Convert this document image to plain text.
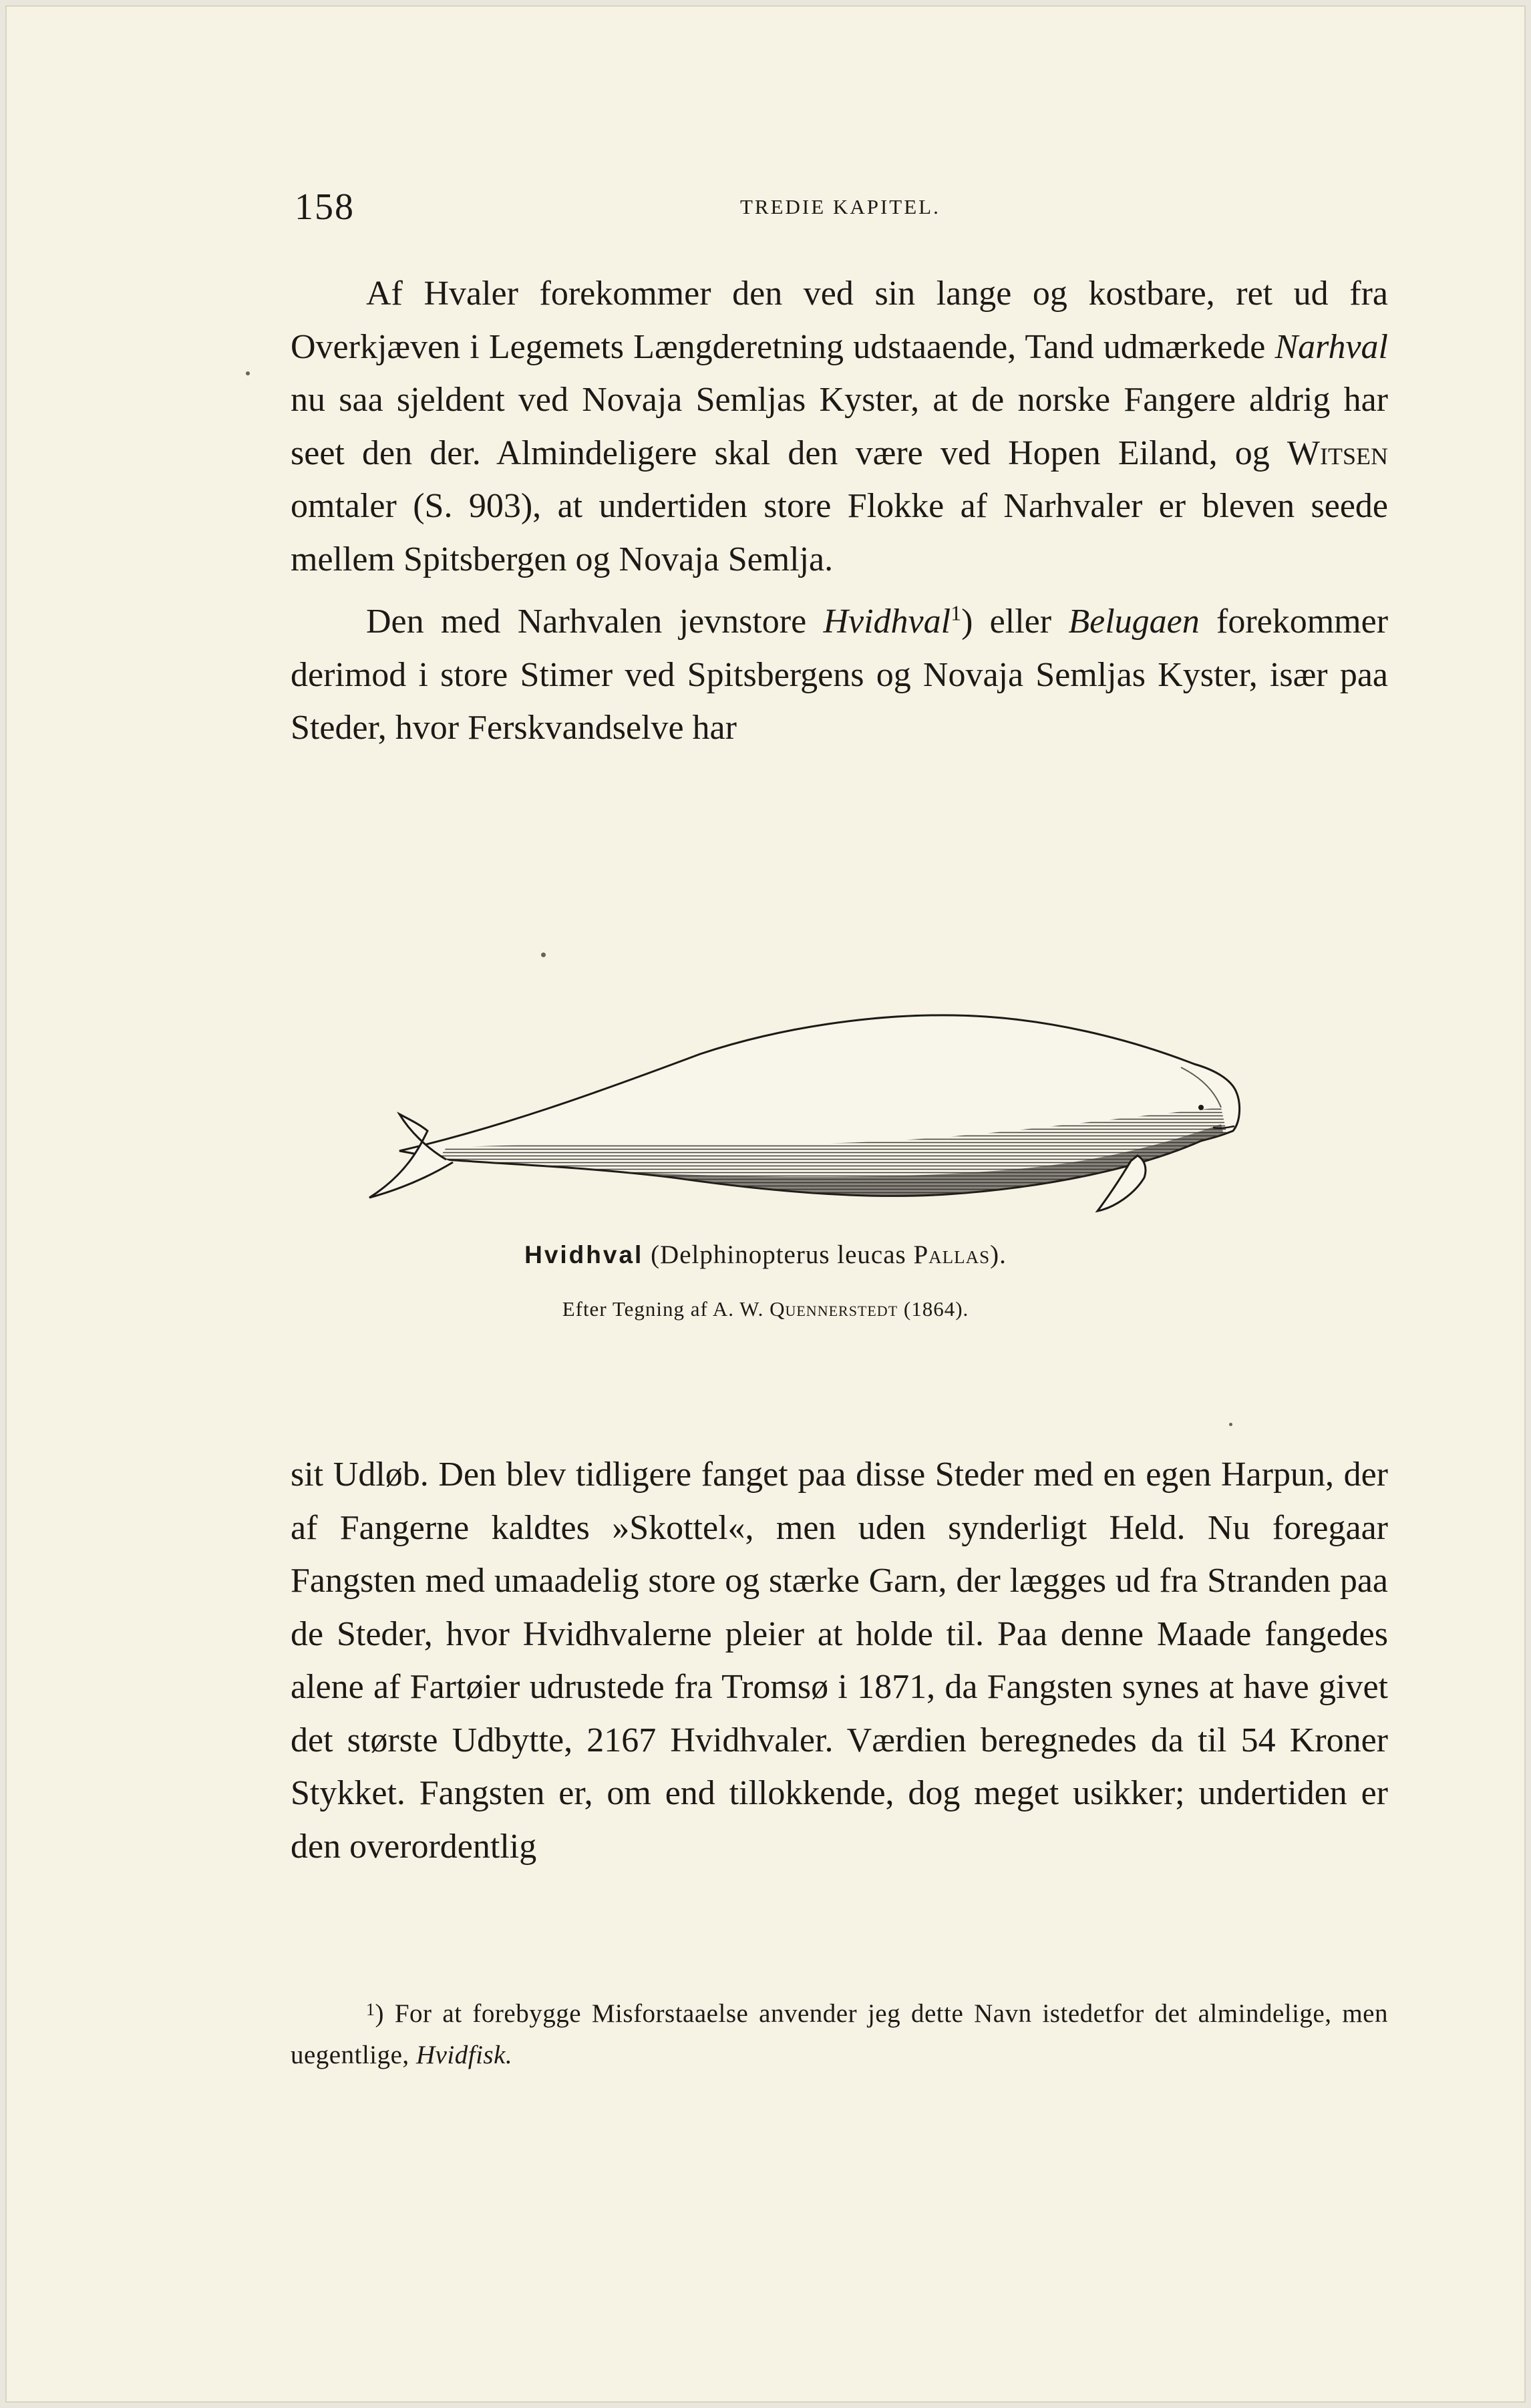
158	TREDIE KAPITEL.

Af Hvaler forekommer den ved sin lange og kostbare, ret ud fra Overkjæven i Legemets Længderetning udstaaende, Tand udmærkede Narhval nu saa sjeldent ved Novaja Semljas Kyster, at de norske Fangere aldrig har seet den der. Almindeligere skal den være ved Hopen Eiland, og Witsen omtaler (S. 903), at undertiden store Flokke af Narhvaler er bleven seede mellem Spitsbergen og Novaja Semlja.

Den med Narhvalen jevnstore Hvidhval$^1$) eller Belugaen forekommer derimod i store Stimer ved Spitsbergens og Novaja Semljas Kyster, især paa Steder, hvor Ferskvandselve har

Hvidhval (Delphinopterus leucas Pallas).
Efter Tegning af A. W. Quennerstedt (1864).

sit Udløb. Den blev tidligere fanget paa disse Steder med en egen Harpun, der af Fangerne kaldtes »Skottel«, men uden synderligt Held. Nu foregaar Fangsten med umaadelig store og stærke Garn, der lægges ud fra Stranden paa de Steder, hvor Hvidhvalerne pleier at holde til. Paa denne Maade fangedes alene af Fartøier udrustede fra Tromsø i 1871, da Fangsten synes at have givet det største Udbytte, 2167 Hvidhvaler. Værdien beregnedes da til 54 Kroner Stykket. Fangsten er, om end tillokkende, dog meget usikker; undertiden er den overordentlig

$^1$) For at forebygge Misforstaaelse anvender jeg dette Navn istedetfor det almindelige, men uegentlige, Hvidfisk.
